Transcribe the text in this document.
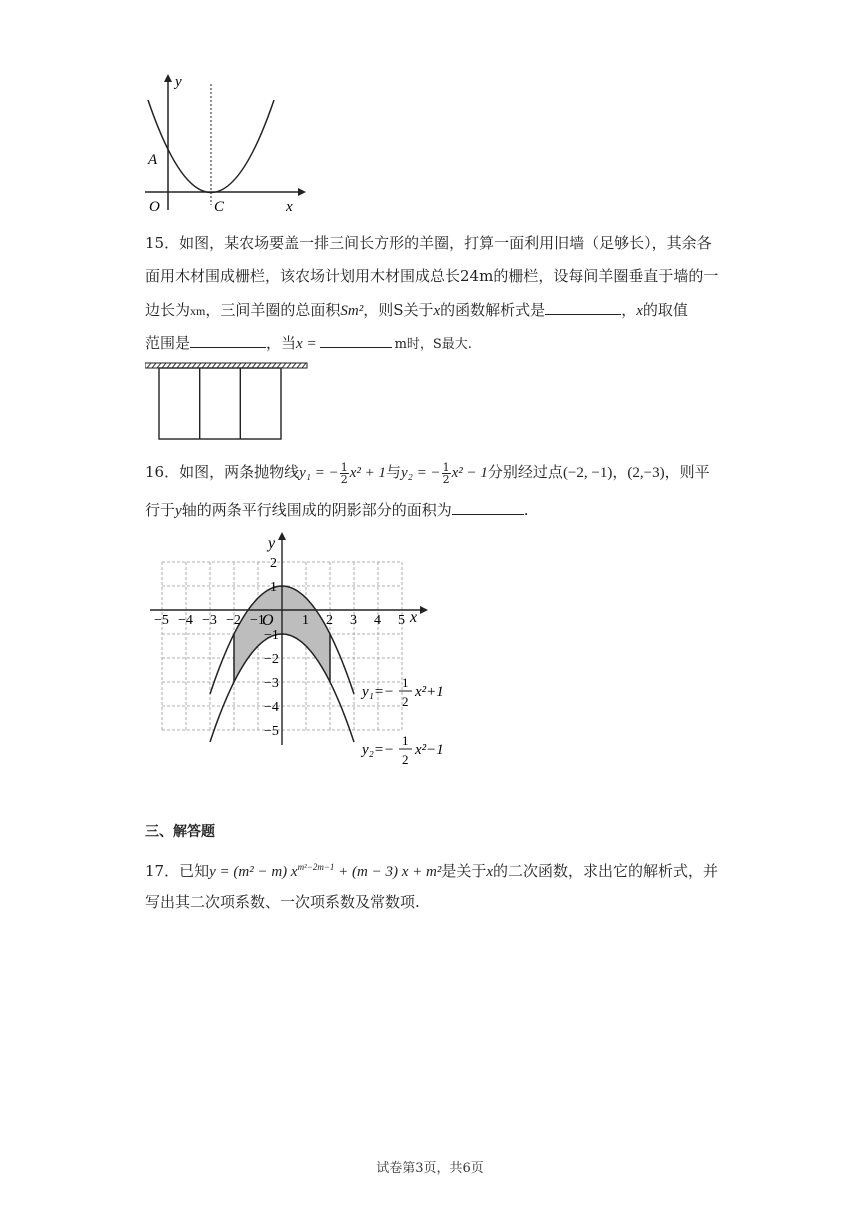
y
A
O	C	x
15．如图，某农场要盖一排三间长方形的羊圈，打算一面利用旧墙（足够长），其余各
面用木材围成栅栏，该农场计划用木材围成总长24m的栅栏，设每间羊圈垂直于墙的一
边长为xm，三间羊圈的总面积Sm²，则S关于x的函数解析式是	，x的取值
范围是	，当x =	m时，S最大.
16．如图，两条抛物线y₁ = − $\frac{1}{2} x^2 + 1$与y₂ = − $\frac{1}{2} x^2 - 1$分别经过点(−2, −1)，(2,−3)，则平
行于y轴的两条平行线围成的阴影部分的面积为	.
−5 −4 −3 −2 −1	1 2 3 4 5
2
1
−1
−2
−3
−4
−5
x
y
O
y₁=−
1
2
x²+1
y₂=−
1
2
x²−1
三、解答题
17．已知y = (m² − m) $x^{m^2-2m-1} + (m - 3) x + m^2$是关于x的二次函数，求出它的解析式，并
写出其二次项系数、一次项系数及常数项.
试卷第3页，共6页
